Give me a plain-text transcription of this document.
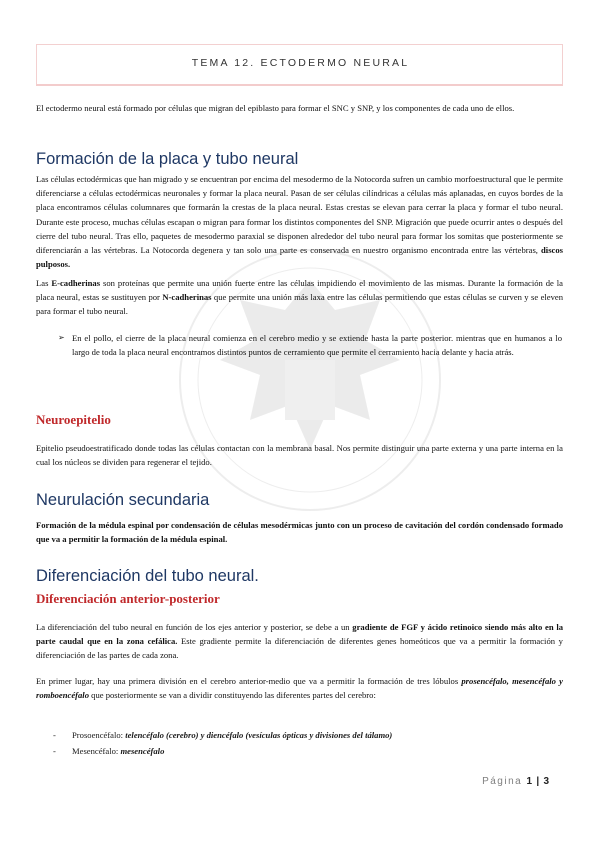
TEMA 12. ECTODERMO NEURAL
El ectodermo neural está formado por células que migran del epiblasto para formar el SNC y SNP, y los componentes de cada uno de ellos.
Formación de la placa y tubo neural
Las células ectodérmicas que han migrado y se encuentran por encima del mesodermo de la Notocorda sufren un cambio morfoestructural que le permite diferenciarse a células ectodérmicas neuronales y formar la placa neural. Pasan de ser células cilíndricas a células más aplanadas, en cuyos bordes de la placa encontramos células columnares que formarán la crestas de la placa neural. Estas crestas se elevan para cerrar la placa y formar el tubo neural. Durante este proceso, muchas células escapan o migran para formar los distintos componentes del SNP. Migración que puede ocurrir antes o después del cierre del tubo neural. Tras ello, paquetes de mesodermo paraxial se disponen alrededor del tubo neural para formar los somitas que posteriormente se diferenciarán a las vértebras. La Notocorda degenera y tan solo una parte es conservada en nuestro organismo encontrada entre las vértebras, discos pulposos.
Las E-cadherinas son proteínas que permite una unión fuerte entre las células impidiendo el movimiento de las mismas. Durante la formación de la placa neural, estas se sustituyen por N-cadherinas que permite una unión más laxa entre las células permitiendo que estas células se curven y se eleven para formar el tubo neural.
➢ En el pollo, el cierre de la placa neural comienza en el cerebro medio y se extiende hasta la parte posterior. mientras que en humanos a lo largo de toda la placa neural encontramos distintos puntos de cerramiento que permite el cerramiento hacia delante y hacia atrás.
Neuroepitelio
Epitelio pseudoestratificado donde todas las células contactan con la membrana basal. Nos permite distinguir una parte externa y una parte interna en la cual los núcleos se dividen para regenerar el tejido.
Neurulación secundaria
Formación de la médula espinal por condensación de células mesodérmicas junto con un proceso de cavitación del cordón condensado formado que va a permitir la formación de la médula espinal.
Diferenciación del tubo neural.
Diferenciación anterior-posterior
La diferenciación del tubo neural en función de los ejes anterior y posterior, se debe a un gradiente de FGF y ácido retinoico siendo más alto en la parte caudal que en la zona cefálica. Este gradiente permite la diferenciación de diferentes genes homeóticos que va a permitir la formación y diferenciación de las partes de cada zona.
En primer lugar, hay una primera división en el cerebro anterior-medio que va a permitir la formación de tres lóbulos prosencéfalo, mesencéfalo y romboencéfalo que posteriormente se van a dividir constituyendo las diferentes partes del cerebro:
- Prosoencéfalo: telencéfalo (cerebro) y diencéfalo (vesículas ópticas y divisiones del tálamo)
- Mesencéfalo: mesencéfalo
Página 1 | 3
